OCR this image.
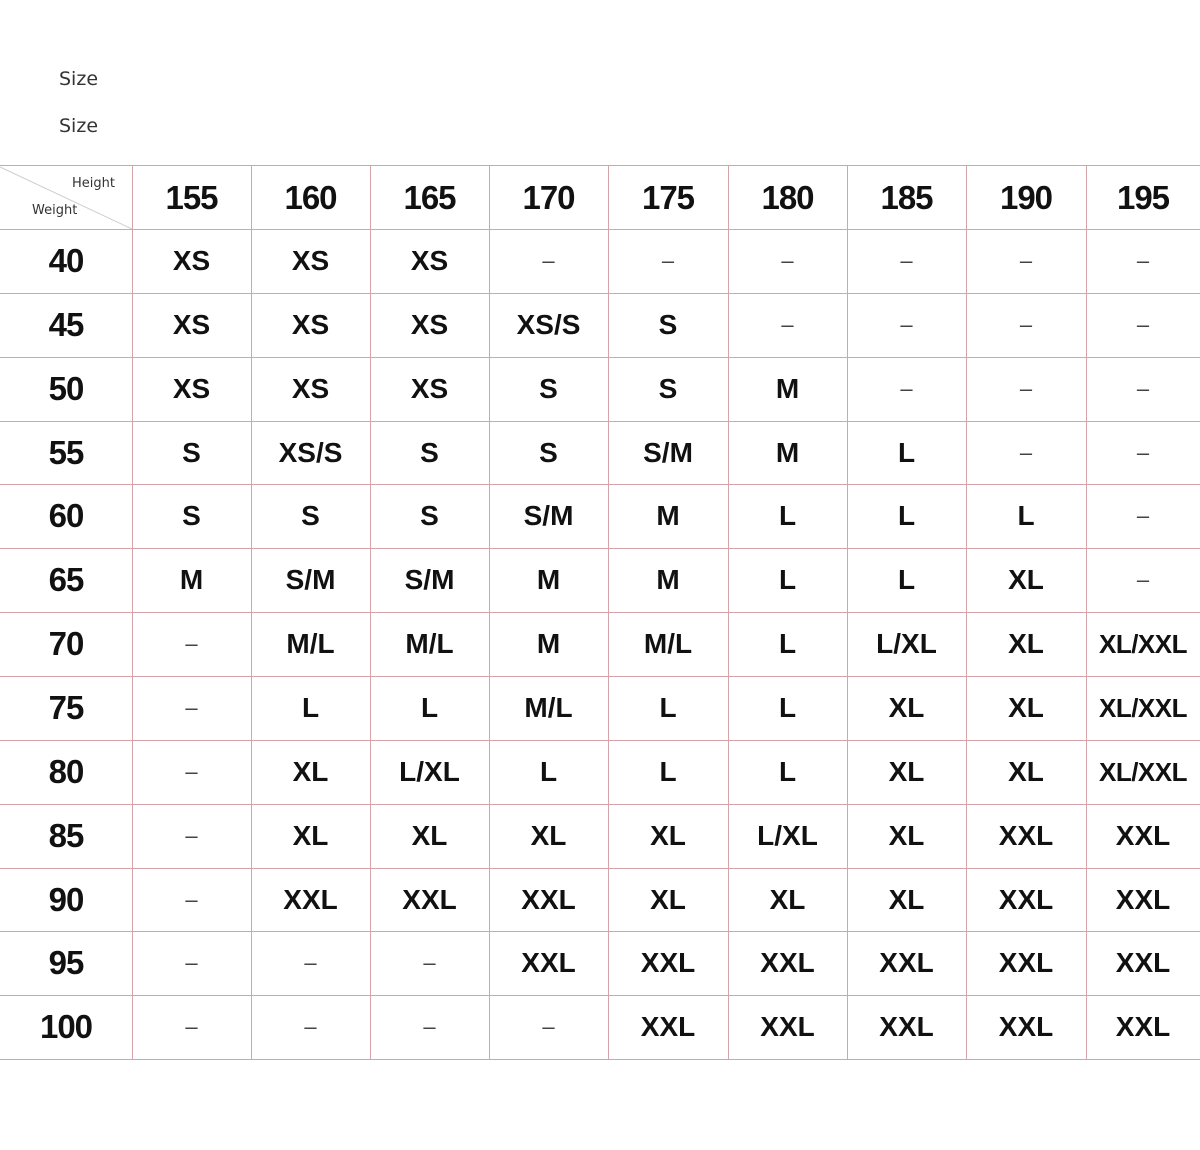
Size
Size
Height
Weight	155	160	165	170	175	180	185	190	195
40	XS	XS	XS	–	–	–	–	–	–
45	XS	XS	XS	XS/S	S	–	–	–	–
50	XS	XS	XS	S	S	M	–	–	–
55	S	XS/S	S	S	S/M	M	L	–	–
60	S	S	S	S/M	M	L	L	L	–
65	M	S/M	S/M	M	M	L	L	XL	–
70	–	M/L	M/L	M	M/L	L	L/XL	XL	XL/XXL
75	–	L	L	M/L	L	L	XL	XL	XL/XXL
80	–	XL	L/XL	L	L	L	XL	XL	XL/XXL
85	–	XL	XL	XL	XL	L/XL	XL	XXL	XXL
90	–	XXL	XXL	XXL	XL	XL	XL	XXL	XXL
95	–	–	–	XXL	XXL	XXL	XXL	XXL	XXL
100	–	–	–	–	XXL	XXL	XXL	XXL	XXL
